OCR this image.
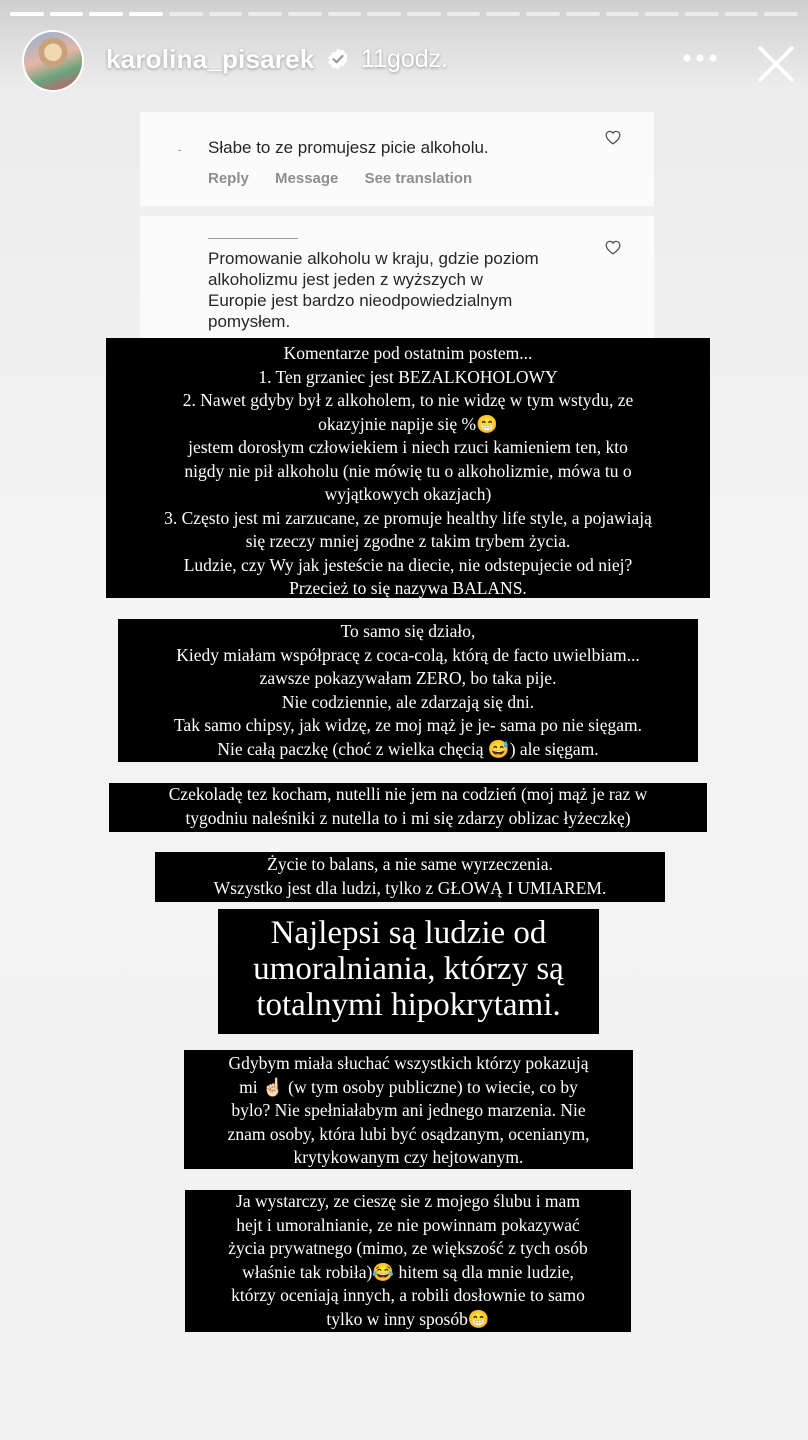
karolina_pisarek 11godz.
Słabe to ze promujesz picie alkoholu.
Reply Message See translation
Promowanie alkoholu w kraju, gdzie poziom
alkoholizmu jest jeden z wyższych w
Europie jest bardzo nieodpowiedzialnym
pomysłem.

Komentarze pod ostatnim postem...

1. Ten grzaniec jest BEZALKOHOLOWY

2. Nawet gdyby był z alkoholem, to nie widzę w tym wstydu, ze

okazyjnie napije się %😁

jestem dorosłym człowiekiem i niech rzuci kamieniem ten, kto

nigdy nie pił alkoholu (nie mówię tu o alkoholizmie, mówa tu o

wyjątkowych okazjach)

3. Często jest mi zarzucane, ze promuje healthy life style, a pojawiają

się rzeczy mniej zgodne z takim trybem życia.

Ludzie, czy Wy jak jesteście na diecie, nie odstepujecie od niej?

Przecież to się nazywa BALANS.

To samo się działo,

Kiedy miałam współpracę z coca-colą, którą de facto uwielbiam...

zawsze pokazywałam ZERO, bo taka pije.

Nie codziennie, ale zdarzają się dni.

Tak samo chipsy, jak widzę, ze moj mąż je je- sama po nie sięgam.

Nie całą paczkę (choć z wielka chęcią 😅) ale sięgam.

Czekoladę tez kocham, nutelli nie jem na codzień (moj mąż je raz w

tygodniu naleśniki z nutella to i mi się zdarzy oblizac łyżeczkę)

Życie to balans, a nie same wyrzeczenia.

Wszystko jest dla ludzi, tylko z GŁOWĄ I UMIAREM.

Najlepsi są ludzie od

umoralniania, którzy są

totalnymi hipokrytami.

Gdybym miała słuchać wszystkich którzy pokazują

mi ☝🏻 (w tym osoby publiczne) to wiecie, co by

bylo? Nie spełniałabym ani jednego marzenia. Nie

znam osoby, która lubi być osądzanym, ocenianym,

krytykowanym czy hejtowanym.

Ja wystarczy, ze cieszę sie z mojego ślubu i mam

hejt i umoralnianie, ze nie powinnam pokazywać

życia prywatnego (mimo, ze większość z tych osób

właśnie tak robiła)😂 hitem są dla mnie ludzie,

którzy oceniają innych, a robili dosłownie to samo

tylko w inny sposób😁
